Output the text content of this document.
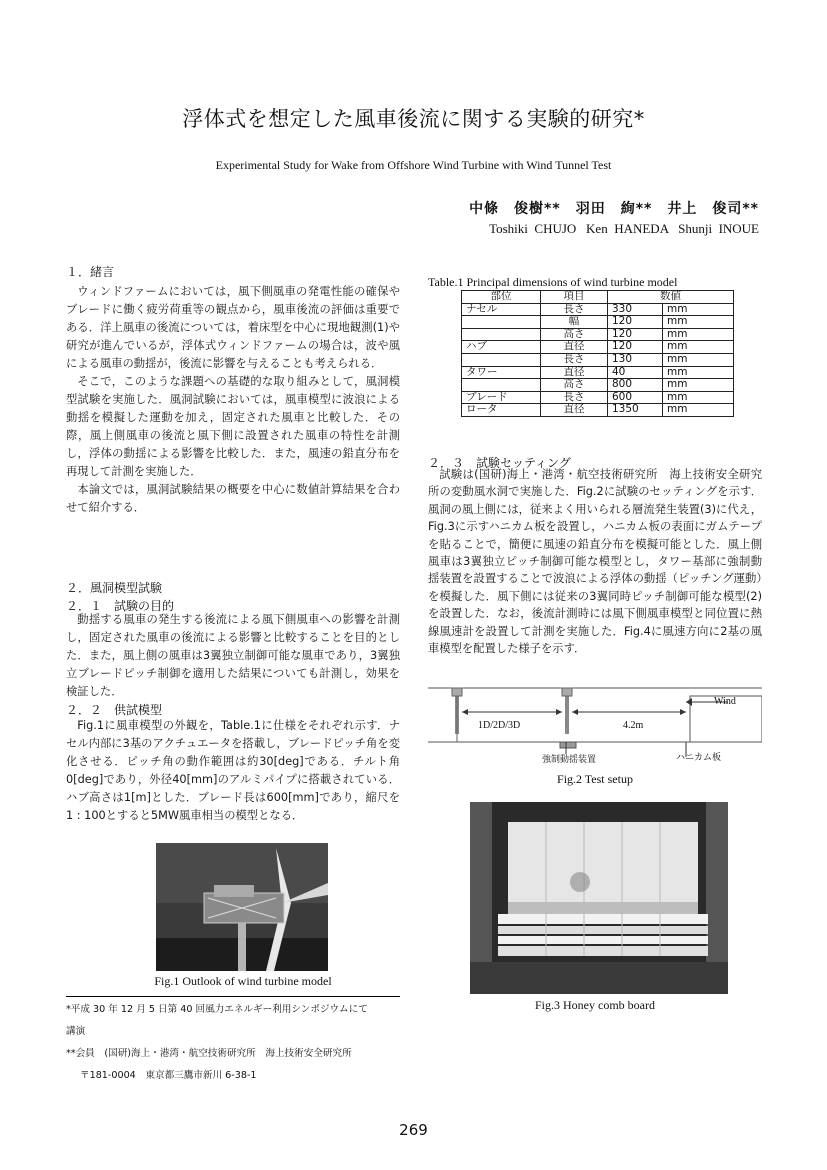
浮体式を想定した風車後流に関する実験的研究*
Experimental Study for Wake from Offshore Wind Turbine with Wind Tunnel Test
中條　俊樹**　羽田　絢**　井上　俊司**
Toshiki  CHUJO   Ken  HANEDA   Shunji  INOUE
１．緒言

ウィンドファームにおいては，風下側風車の発電性能の確保やブレードに働く疲労荷重等の観点から，風車後流の評価は重要である．洋上風車の後流については，着床型を中心に現地観測(1)や研究が進んでいるが，浮体式ウィンドファームの場合は，波や風による風車の動揺が，後流に影響を与えることも考えられる．

そこで，このような課題への基礎的な取り組みとして，風洞模型試験を実施した．風洞試験においては，風車模型に波浪による動揺を模擬した運動を加え，固定された風車と比較した．その際，風上側風車の後流と風下側に設置された風車の特性を計測し，浮体の動揺による影響を比較した．また，風速の鉛直分布を再現して計測を実施した．

本論文では，風洞試験結果の概要を中心に数値計算結果を合わせて紹介する．

２．風洞模型試験
２．１　試験の目的

動揺する風車の発生する後流による風下側風車への影響を計測し，固定された風車の後流による影響と比較することを目的とした．また，風上側の風車は3翼独立制御可能な風車であり，3翼独立ブレードピッチ制御を適用した結果についても計測し，効果を検証した．

２．２　供試模型

Fig.1に風車模型の外観を，Table.1に仕様をそれぞれ示す．ナセル内部に3基のアクチュエータを搭載し，ブレードピッチ角を変化させる．ピッチ角の動作範囲は約30[deg]である．チルト角0[deg]であり，外径40[mm]のアルミパイプに搭載されている．ハブ高さは1[m]とした．ブレード長は600[mm]であり，縮尺を1 : 100とすると5MW風車相当の模型となる．

Fig.1 Outlook of wind turbine model
*平成 30 年 12 月 5 日第 40 回風力エネルギー利用シンポジウムにて
講演
**会員　(国研)海上・港湾・航空技術研究所　海上技術安全研究所
〒181-0004　東京都三鷹市新川 6-38-1
Table.1 Principal dimensions of wind turbine model
部位	項目	数値	
ナセル	長さ	330	mm
	幅	120	mm
	高さ	120	mm
ハブ	直径	120	mm
	長さ	130	mm
タワー	直径	40	mm
	高さ	800	mm
ブレード	長さ	600	mm
ロータ	直径	1350	mm
２．３　試験セッティング

試験は(国研)海上・港湾・航空技術研究所　海上技術安全研究所の変動風水洞で実施した．Fig.2に試験のセッティングを示す．風洞の風上側には，従来よく用いられる層流発生装置(3)に代え，Fig.3に示すハニカム板を設置し，ハニカム板の表面にガムテープを貼ることで，簡便に風速の鉛直分布を模擬可能とした．風上側風車は3翼独立ピッチ制御可能な模型とし，タワー基部に強制動揺装置を設置することで波浪による浮体の動揺（ピッチング運動）を模擬した．風下側には従来の3翼同時ピッチ制御可能な模型(2)を設置した．なお，後流計測時には風下側風車模型と同位置に熱線風速計を設置して計測を実施した．Fig.4に風速方向に2基の風車模型を配置した様子を示す．

1D/2D/3D	4.2m
Wind
強制動揺装置	ハニカム板
Fig.2 Test setup
Fig.3 Honey comb board
269
